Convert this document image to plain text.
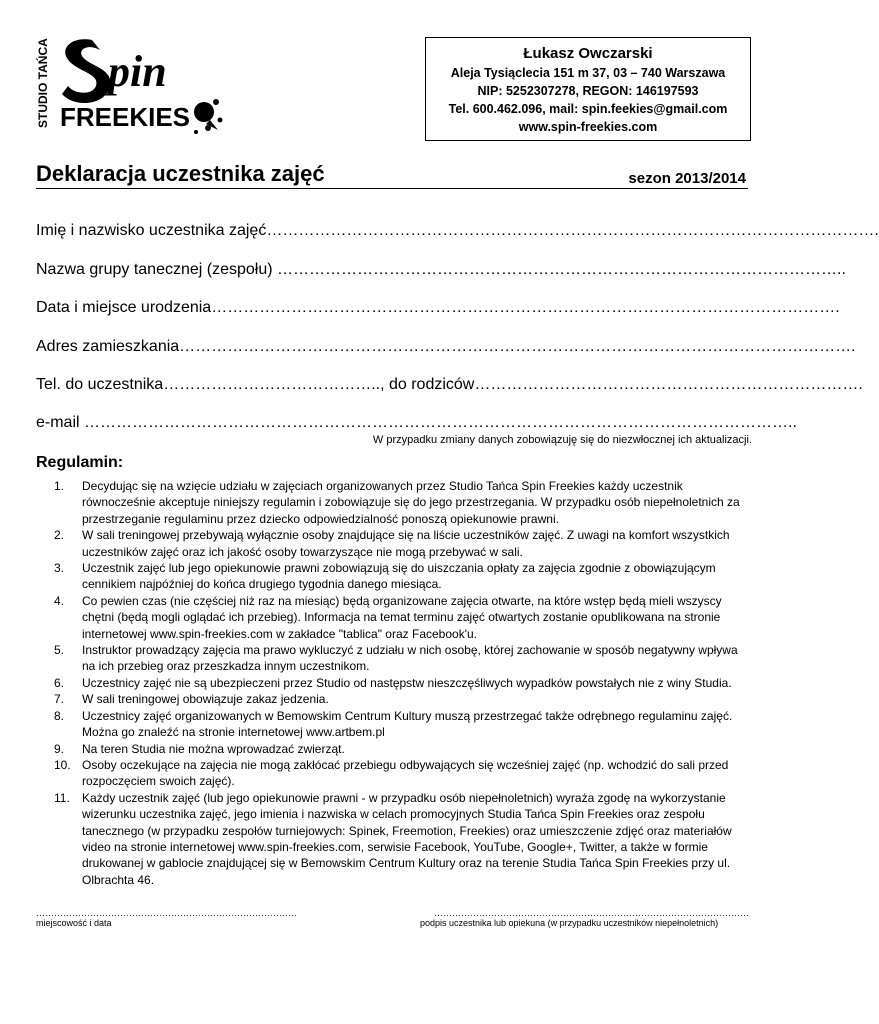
STUDIO TAŃCA pin
FREEKIES
Łukasz Owczarski
Aleja Tysiąclecia 151 m 37, 03 – 740 Warszawa
NIP: 5252307278, REGON: 146197593
Tel. 600.462.096, mail: spin.feekies@gmail.com
www.spin-freekies.com
Deklaracja uczestnika zajęć	sezon 2013/2014
Imię i nazwisko uczestnika zajęć…………………………………………………………………………………………………….
Nazwa grupy tanecznej (zespołu) ……………………………………………………………………………………………..
Data i miejsce urodzenia……………………………………………………………………………………………………….
Adres zamieszkania……………………………………………………………………………………………………………….
Tel. do uczestnika………………………………….., do rodziców……………………………………………………………….
e-mail ……………………………………………………………………………………………………………………..
W przypadku zmiany danych zobowiązuję się do niezwłocznej ich aktualizacji.
Regulamin:
1.	Decydując się na wzięcie udziału w zajęciach organizowanych przez Studio Tańca Spin Freekies każdy uczestnik równocześnie akceptuje niniejszy regulamin i zobowiązuje się do jego przestrzegania. W przypadku osób niepełnoletnich za przestrzeganie regulaminu przez dziecko odpowiedzialność ponoszą opiekunowie prawni.
2.	W sali treningowej przebywają wyłącznie osoby znajdujące się na liście uczestników zajęć. Z uwagi na komfort wszystkich uczestników zajęć oraz ich jakość osoby towarzyszące nie mogą przebywać w sali.
3.	Uczestnik zajęć lub jego opiekunowie prawni zobowiązują się do uiszczania opłaty za zajęcia zgodnie z obowiązującym cennikiem najpóźniej do końca drugiego tygodnia danego miesiąca.
4.	Co pewien czas (nie częściej niż raz na miesiąc) będą organizowane zajęcia otwarte, na które wstęp będą mieli wszyscy chętni (będą mogli oglądać ich przebieg). Informacja na temat terminu zajęć otwartych zostanie opublikowana na stronie internetowej www.spin-freekies.com w zakładce "tablica" oraz Facebook'u.
5.	Instruktor prowadzący zajęcia ma prawo wykluczyć z udziału w nich osobę, której zachowanie w sposób negatywny wpływa na ich przebieg oraz przeszkadza innym uczestnikom.
6.	Uczestnicy zajęć nie są ubezpieczeni przez Studio od następstw nieszczęśliwych wypadków powstałych nie z winy Studia.
7.	W sali treningowej obowiązuje zakaz jedzenia.
8.	Uczestnicy zajęć organizowanych w Bemowskim Centrum Kultury muszą przestrzegać także odrębnego regulaminu zajęć. Można go znaleźć na stronie internetowej www.artbem.pl
9.	Na teren Studia nie można wprowadzać zwierząt.
10. Osoby oczekujące na zajęcia nie mogą zakłócać przebiegu odbywających się wcześniej zajęć (np. wchodzić do sali przed rozpoczęciem swoich zajęć).
11.	Każdy uczestnik zajęć (lub jego opiekunowie prawni - w przypadku osób niepełnoletnich) wyraża zgodę na wykorzystanie wizerunku uczestnika zajęć, jego imienia i nazwiska w celach promocyjnych Studia Tańca Spin Freekies oraz zespołu tanecznego (w przypadku zespołów turniejowych: Spinek, Freemotion, Freekies) oraz umieszczenie zdjęć oraz materiałów video na stronie internetowej www.spin-freekies.com, serwisie Facebook, YouTube, Google+, Twitter, a także w formie drukowanej w gablocie znajdującej się w Bemowskim Centrum Kultury oraz na terenie Studia Tańca Spin Freekies przy ul. Olbrachta 46.
……………………………………………………………………………
miejscowość i data
……………………………………………………………………………………………
podpis uczestnika lub opiekuna (w przypadku uczestników niepełnoletnich)
